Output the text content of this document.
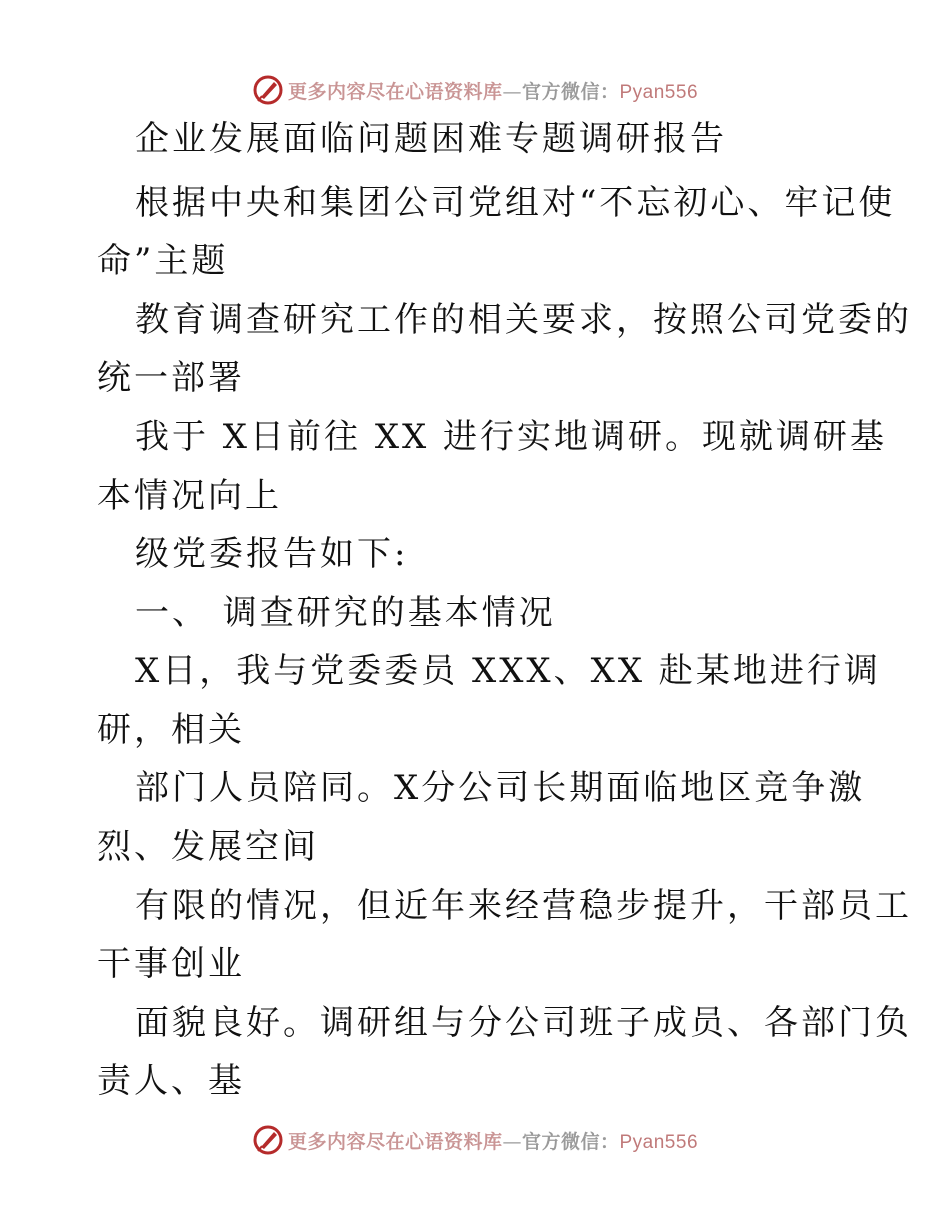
更多内容尽在心语资料库—官方微信：Pyan556
企业发展面临问题困难专题调研报告
根据中央和集团公司党组对“不忘初心、牢记使
命”主题
教育调查研究工作的相关要求，按照公司党委的
统一部署
我于 X日前往 XX 进行实地调研。现就调研基
本情况向上
级党委报告如下:
一、 调查研究的基本情况
X日，我与党委委员 XXX、XX 赴某地进行调
研，相关
部门人员陪同。X分公司长期面临地区竞争激
烈、发展空间
有限的情况，但近年来经营稳步提升，干部员工
干事创业
面貌良好。调研组与分公司班子成员、各部门负
责人、基
更多内容尽在心语资料库—官方微信：Pyan556
